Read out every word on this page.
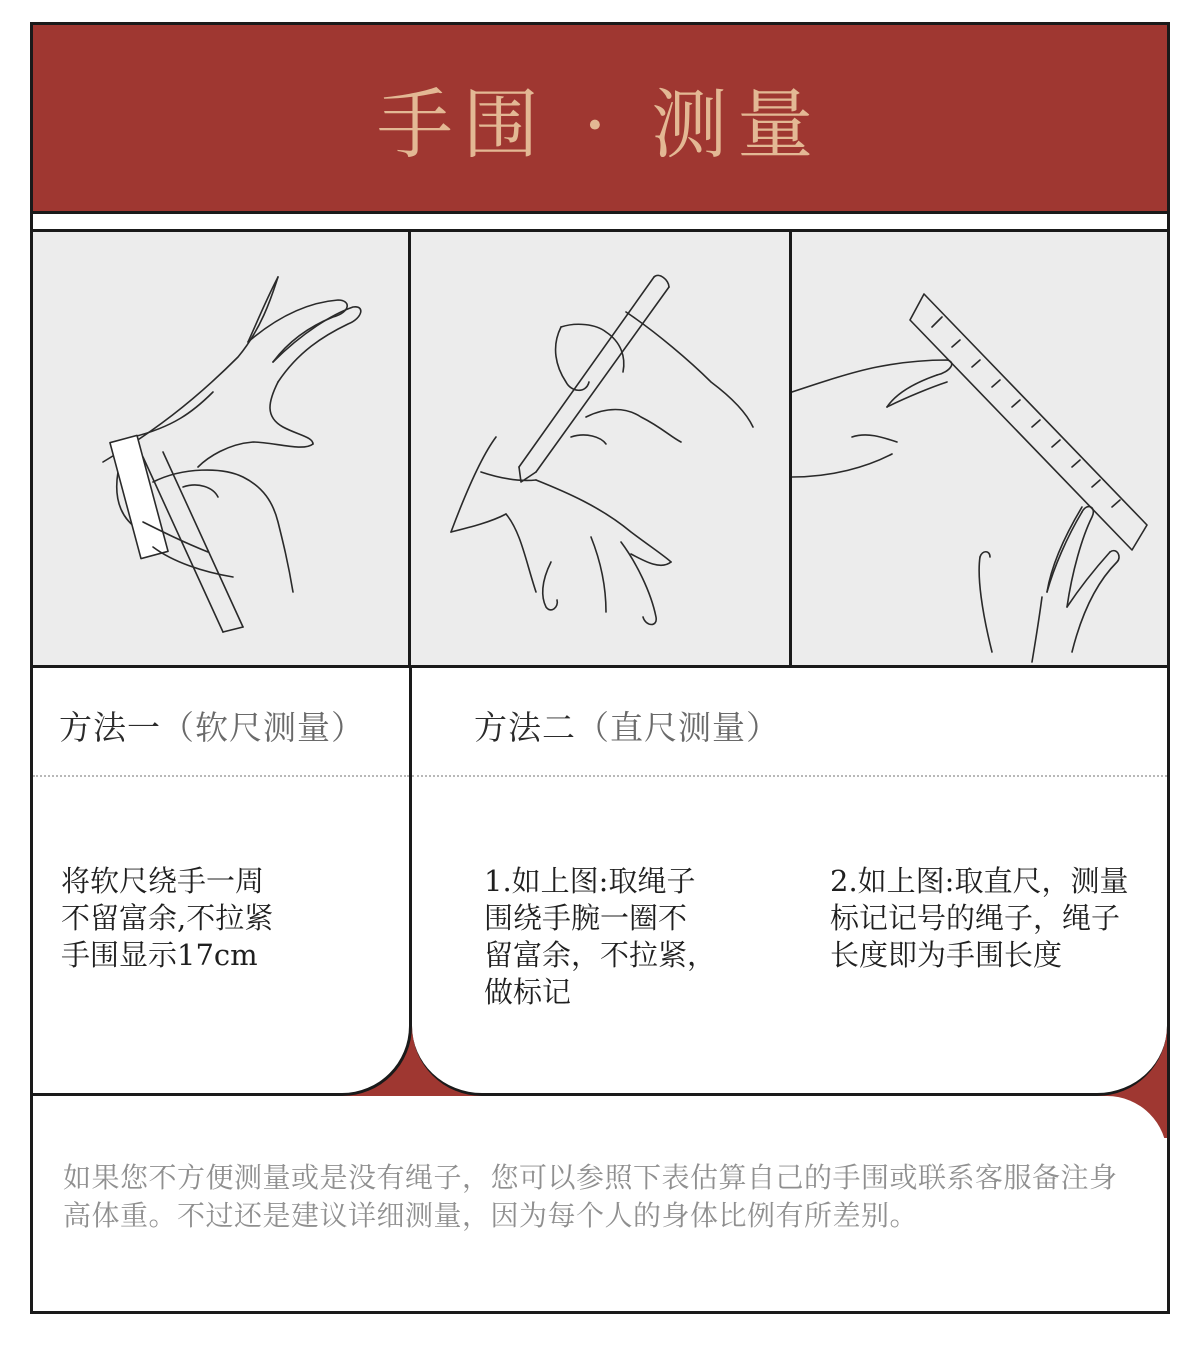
手围 · 测量
方法一（软尺测量）
将软尺绕手一周
不留富余,不拉紧
手围显示17cm
方法二（直尺测量）
1.如上图:取绳子
围绕手腕一圈不
留富余，不拉紧，
做标记
2.如上图:取直尺，测量
标记记号的绳子，绳子
长度即为手围长度
如果您不方便测量或是没有绳子，您可以参照下表估算自己的手围或联系客服备注身高体重。不过还是建议详细测量，因为每个人的身体比例有所差别。
